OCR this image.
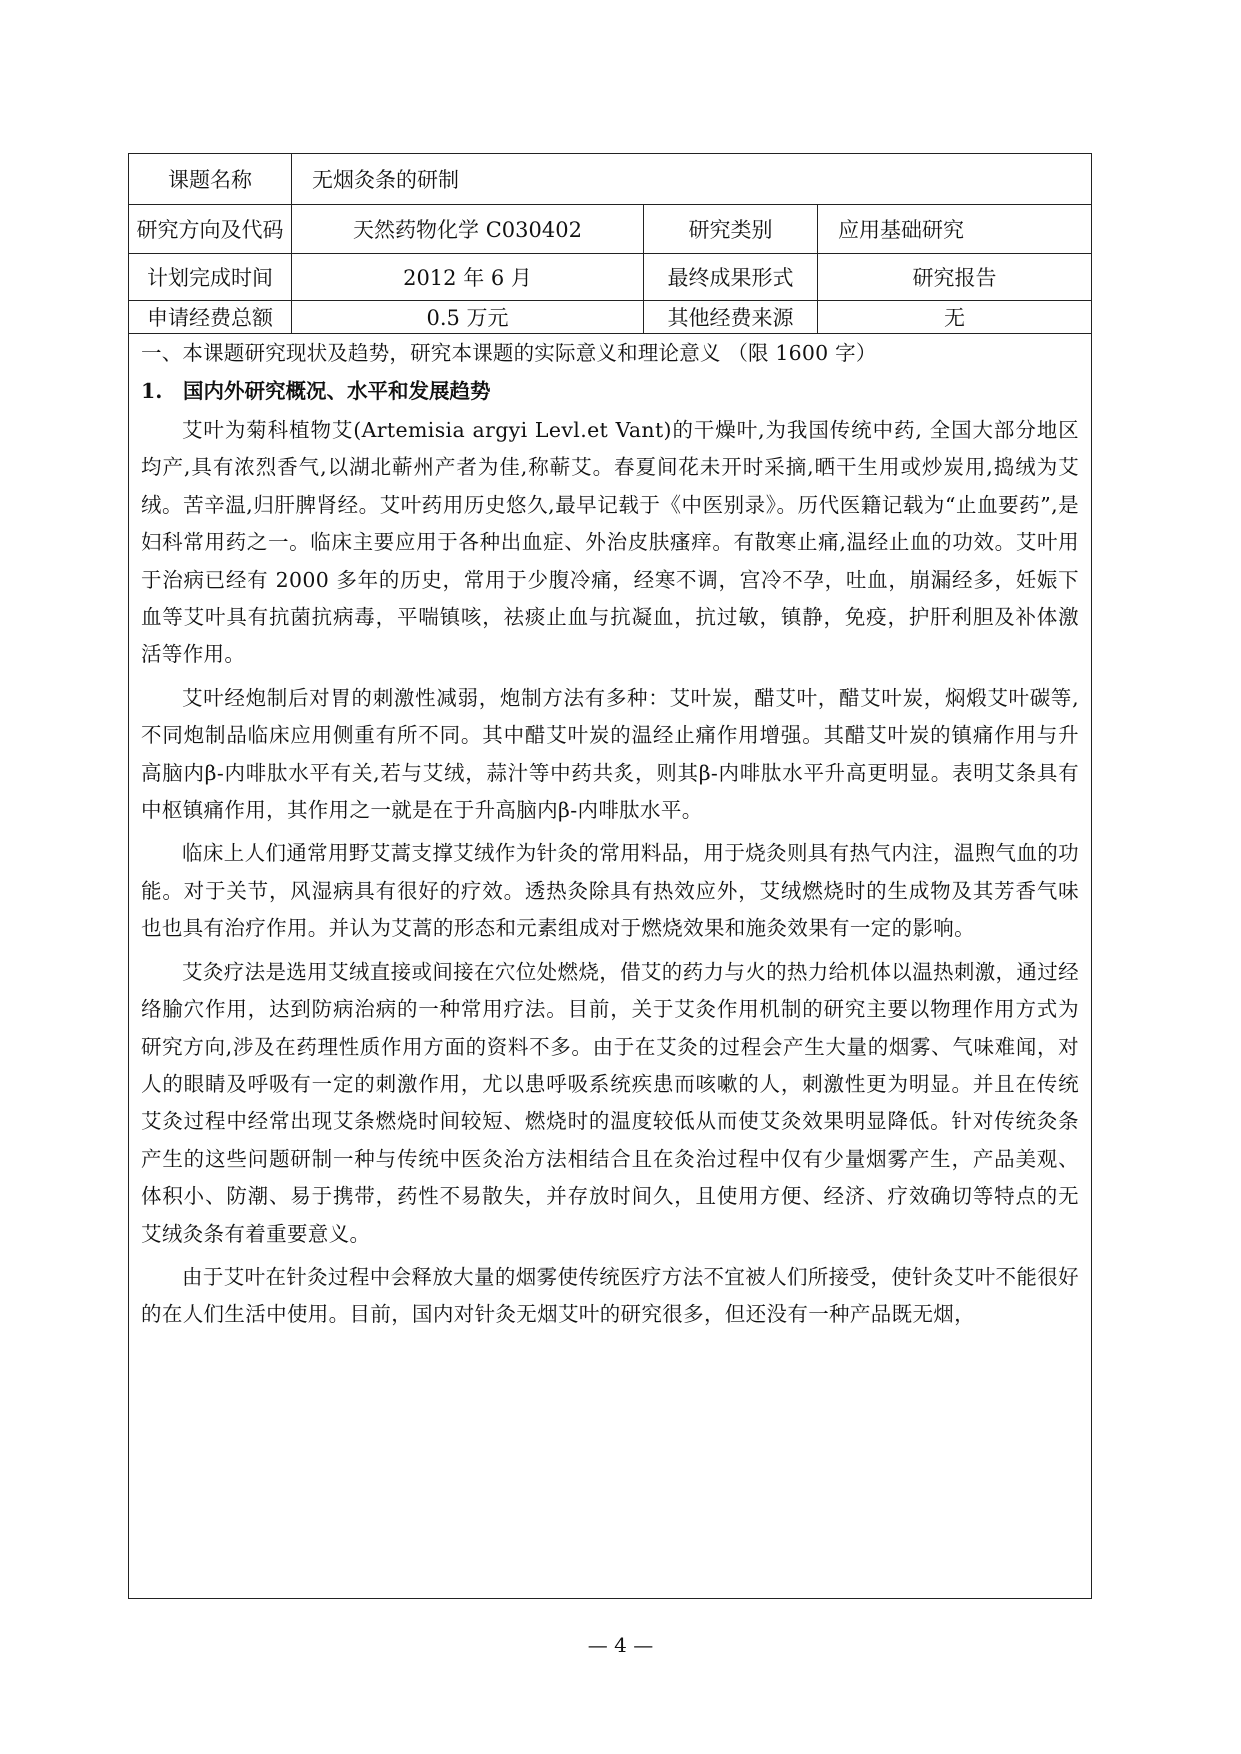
课题名称	无烟灸条的研制
研究方向及代码	天然药物化学 C030402	研究类别	应用基础研究
计划完成时间	2012 年 6 月	最终成果形式	研究报告
申请经费总额	0.5 万元	其他经费来源	无

一、本课题研究现状及趋势，研究本课题的实际意义和理论意义 （限 1600 字）

1. 国内外研究概况、水平和发展趋势

艾叶为菊科植物艾(Artemisia argyi Levl.et Vant)的干燥叶,为我国传统中药, 全国大部分地区均产,具有浓烈香气,以湖北蕲州产者为佳,称蕲艾。春夏间花未开时采摘,晒干生用或炒炭用,捣绒为艾绒。苦辛温,归肝脾肾经。艾叶药用历史悠久,最早记载于《中医别录》。历代医籍记载为“止血要药”,是妇科常用药之一。临床主要应用于各种出血症、外治皮肤瘙痒。有散寒止痛,温经止血的功效。艾叶用于治病已经有 2000 多年的历史，常用于少腹冷痛，经寒不调，宫冷不孕，吐血，崩漏经多，妊娠下血等艾叶具有抗菌抗病毒，平喘镇咳，祛痰止血与抗凝血，抗过敏，镇静，免疫，护肝利胆及补体激活等作用。

艾叶经炮制后对胃的刺激性减弱，炮制方法有多种：艾叶炭，醋艾叶，醋艾叶炭，焖煅艾叶碳等,不同炮制品临床应用侧重有所不同。其中醋艾叶炭的温经止痛作用增强。其醋艾叶炭的镇痛作用与升高脑内β-内啡肽水平有关,若与艾绒，蒜汁等中药共炙，则其β-内啡肽水平升高更明显。表明艾条具有中枢镇痛作用，其作用之一就是在于升高脑内β-内啡肽水平。

临床上人们通常用野艾蒿支撑艾绒作为针灸的常用料品，用于烧灸则具有热气内注，温煦气血的功能。对于关节，风湿病具有很好的疗效。透热灸除具有热效应外，艾绒燃烧时的生成物及其芳香气味也也具有治疗作用。并认为艾蒿的形态和元素组成对于燃烧效果和施灸效果有一定的影响。

艾灸疗法是选用艾绒直接或间接在穴位处燃烧，借艾的药力与火的热力给机体以温热刺激，通过经络腧穴作用，达到防病治病的一种常用疗法。目前，关于艾灸作用机制的研究主要以物理作用方式为研究方向,涉及在药理性质作用方面的资料不多。由于在艾灸的过程会产生大量的烟雾、气味难闻，对人的眼睛及呼吸有一定的刺激作用，尤以患呼吸系统疾患而咳嗽的人，刺激性更为明显。并且在传统艾灸过程中经常出现艾条燃烧时间较短、燃烧时的温度较低从而使艾灸效果明显降低。针对传统灸条产生的这些问题研制一种与传统中医灸治方法相结合且在灸治过程中仅有少量烟雾产生，产品美观、体积小、防潮、易于携带，药性不易散失，并存放时间久，且使用方便、经济、疗效确切等特点的无艾绒灸条有着重要意义。

由于艾叶在针灸过程中会释放大量的烟雾使传统医疗方法不宜被人们所接受，使针灸艾叶不能很好的在人们生活中使用。目前，国内对针灸无烟艾叶的研究很多，但还没有一种产品既无烟，

— 4 —
